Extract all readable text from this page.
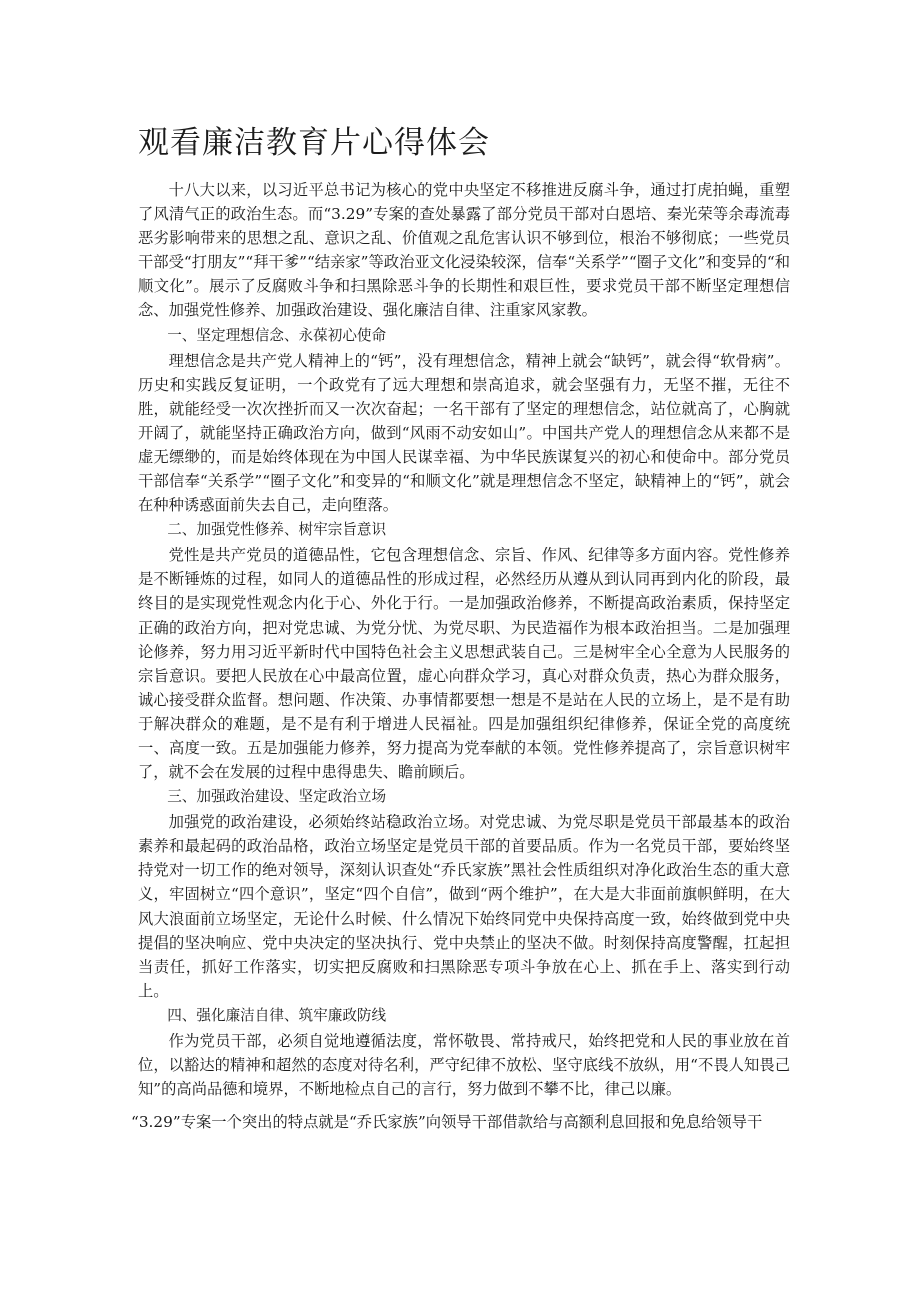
观看廉洁教育片心得体会

十八大以来，以习近平总书记为核心的党中央坚定不移推进反腐斗争，通过打虎拍蝇，重塑了风清气正的政治生态。而“3.29”专案的查处暴露了部分党员干部对白恩培、秦光荣等余毒流毒恶劣影响带来的思想之乱、意识之乱、价值观之乱危害认识不够到位，根治不够彻底；一些党员干部受“打朋友”“拜干爹”“结亲家”等政治亚文化浸染较深，信奉“关系学”“圈子文化”和变异的“和顺文化”。展示了反腐败斗争和扫黑除恶斗争的长期性和艰巨性，要求党员干部不断坚定理想信念、加强党性修养、加强政治建设、强化廉洁自律、注重家风家教。

一、坚定理想信念、永葆初心使命

理想信念是共产党人精神上的“钙”，没有理想信念，精神上就会“缺钙”，就会得“软骨病”。历史和实践反复证明，一个政党有了远大理想和崇高追求，就会坚强有力，无坚不摧，无往不胜，就能经受一次次挫折而又一次次奋起；一名干部有了坚定的理想信念，站位就高了，心胸就开阔了，就能坚持正确政治方向，做到“风雨不动安如山”。中国共产党人的理想信念从来都不是虚无缥缈的，而是始终体现在为中国人民谋幸福、为中华民族谋复兴的初心和使命中。部分党员干部信奉“关系学”“圈子文化”和变异的“和顺文化”就是理想信念不坚定，缺精神上的“钙”，就会在种种诱惑面前失去自己，走向堕落。

二、加强党性修养、树牢宗旨意识

党性是共产党员的道德品性，它包含理想信念、宗旨、作风、纪律等多方面内容。党性修养是不断锤炼的过程，如同人的道德品性的形成过程，必然经历从遵从到认同再到内化的阶段，最终目的是实现党性观念内化于心、外化于行。一是加强政治修养，不断提高政治素质，保持坚定正确的政治方向，把对党忠诚、为党分忧、为党尽职、为民造福作为根本政治担当。二是加强理论修养，努力用习近平新时代中国特色社会主义思想武装自己。三是树牢全心全意为人民服务的宗旨意识。要把人民放在心中最高位置，虚心向群众学习，真心对群众负责，热心为群众服务，诚心接受群众监督。想问题、作决策、办事情都要想一想是不是站在人民的立场上，是不是有助于解决群众的难题，是不是有利于增进人民福祉。四是加强组织纪律修养，保证全党的高度统一、高度一致。五是加强能力修养，努力提高为党奉献的本领。党性修养提高了，宗旨意识树牢了，就不会在发展的过程中患得患失、瞻前顾后。

三、加强政治建设、坚定政治立场

加强党的政治建设，必须始终站稳政治立场。对党忠诚、为党尽职是党员干部最基本的政治素养和最起码的政治品格，政治立场坚定是党员干部的首要品质。作为一名党员干部，要始终坚持党对一切工作的绝对领导，深刻认识查处“乔氏家族”黑社会性质组织对净化政治生态的重大意义，牢固树立“四个意识”，坚定“四个自信”，做到“两个维护”，在大是大非面前旗帜鲜明，在大风大浪面前立场坚定，无论什么时候、什么情况下始终同党中央保持高度一致，始终做到党中央提倡的坚决响应、党中央决定的坚决执行、党中央禁止的坚决不做。时刻保持高度警醒，扛起担当责任，抓好工作落实，切实把反腐败和扫黑除恶专项斗争放在心上、抓在手上、落实到行动上。

四、强化廉洁自律、筑牢廉政防线

作为党员干部，必须自觉地遵循法度，常怀敬畏、常持戒尺，始终把党和人民的事业放在首位，以豁达的精神和超然的态度对待名利，严守纪律不放松、坚守底线不放纵，用“不畏人知畏己知”的高尚品德和境界，不断地检点自己的言行，努力做到不攀不比，律己以廉。

“3.29”专案一个突出的特点就是“乔氏家族”向领导干部借款给与高额利息回报和免息给领导干
